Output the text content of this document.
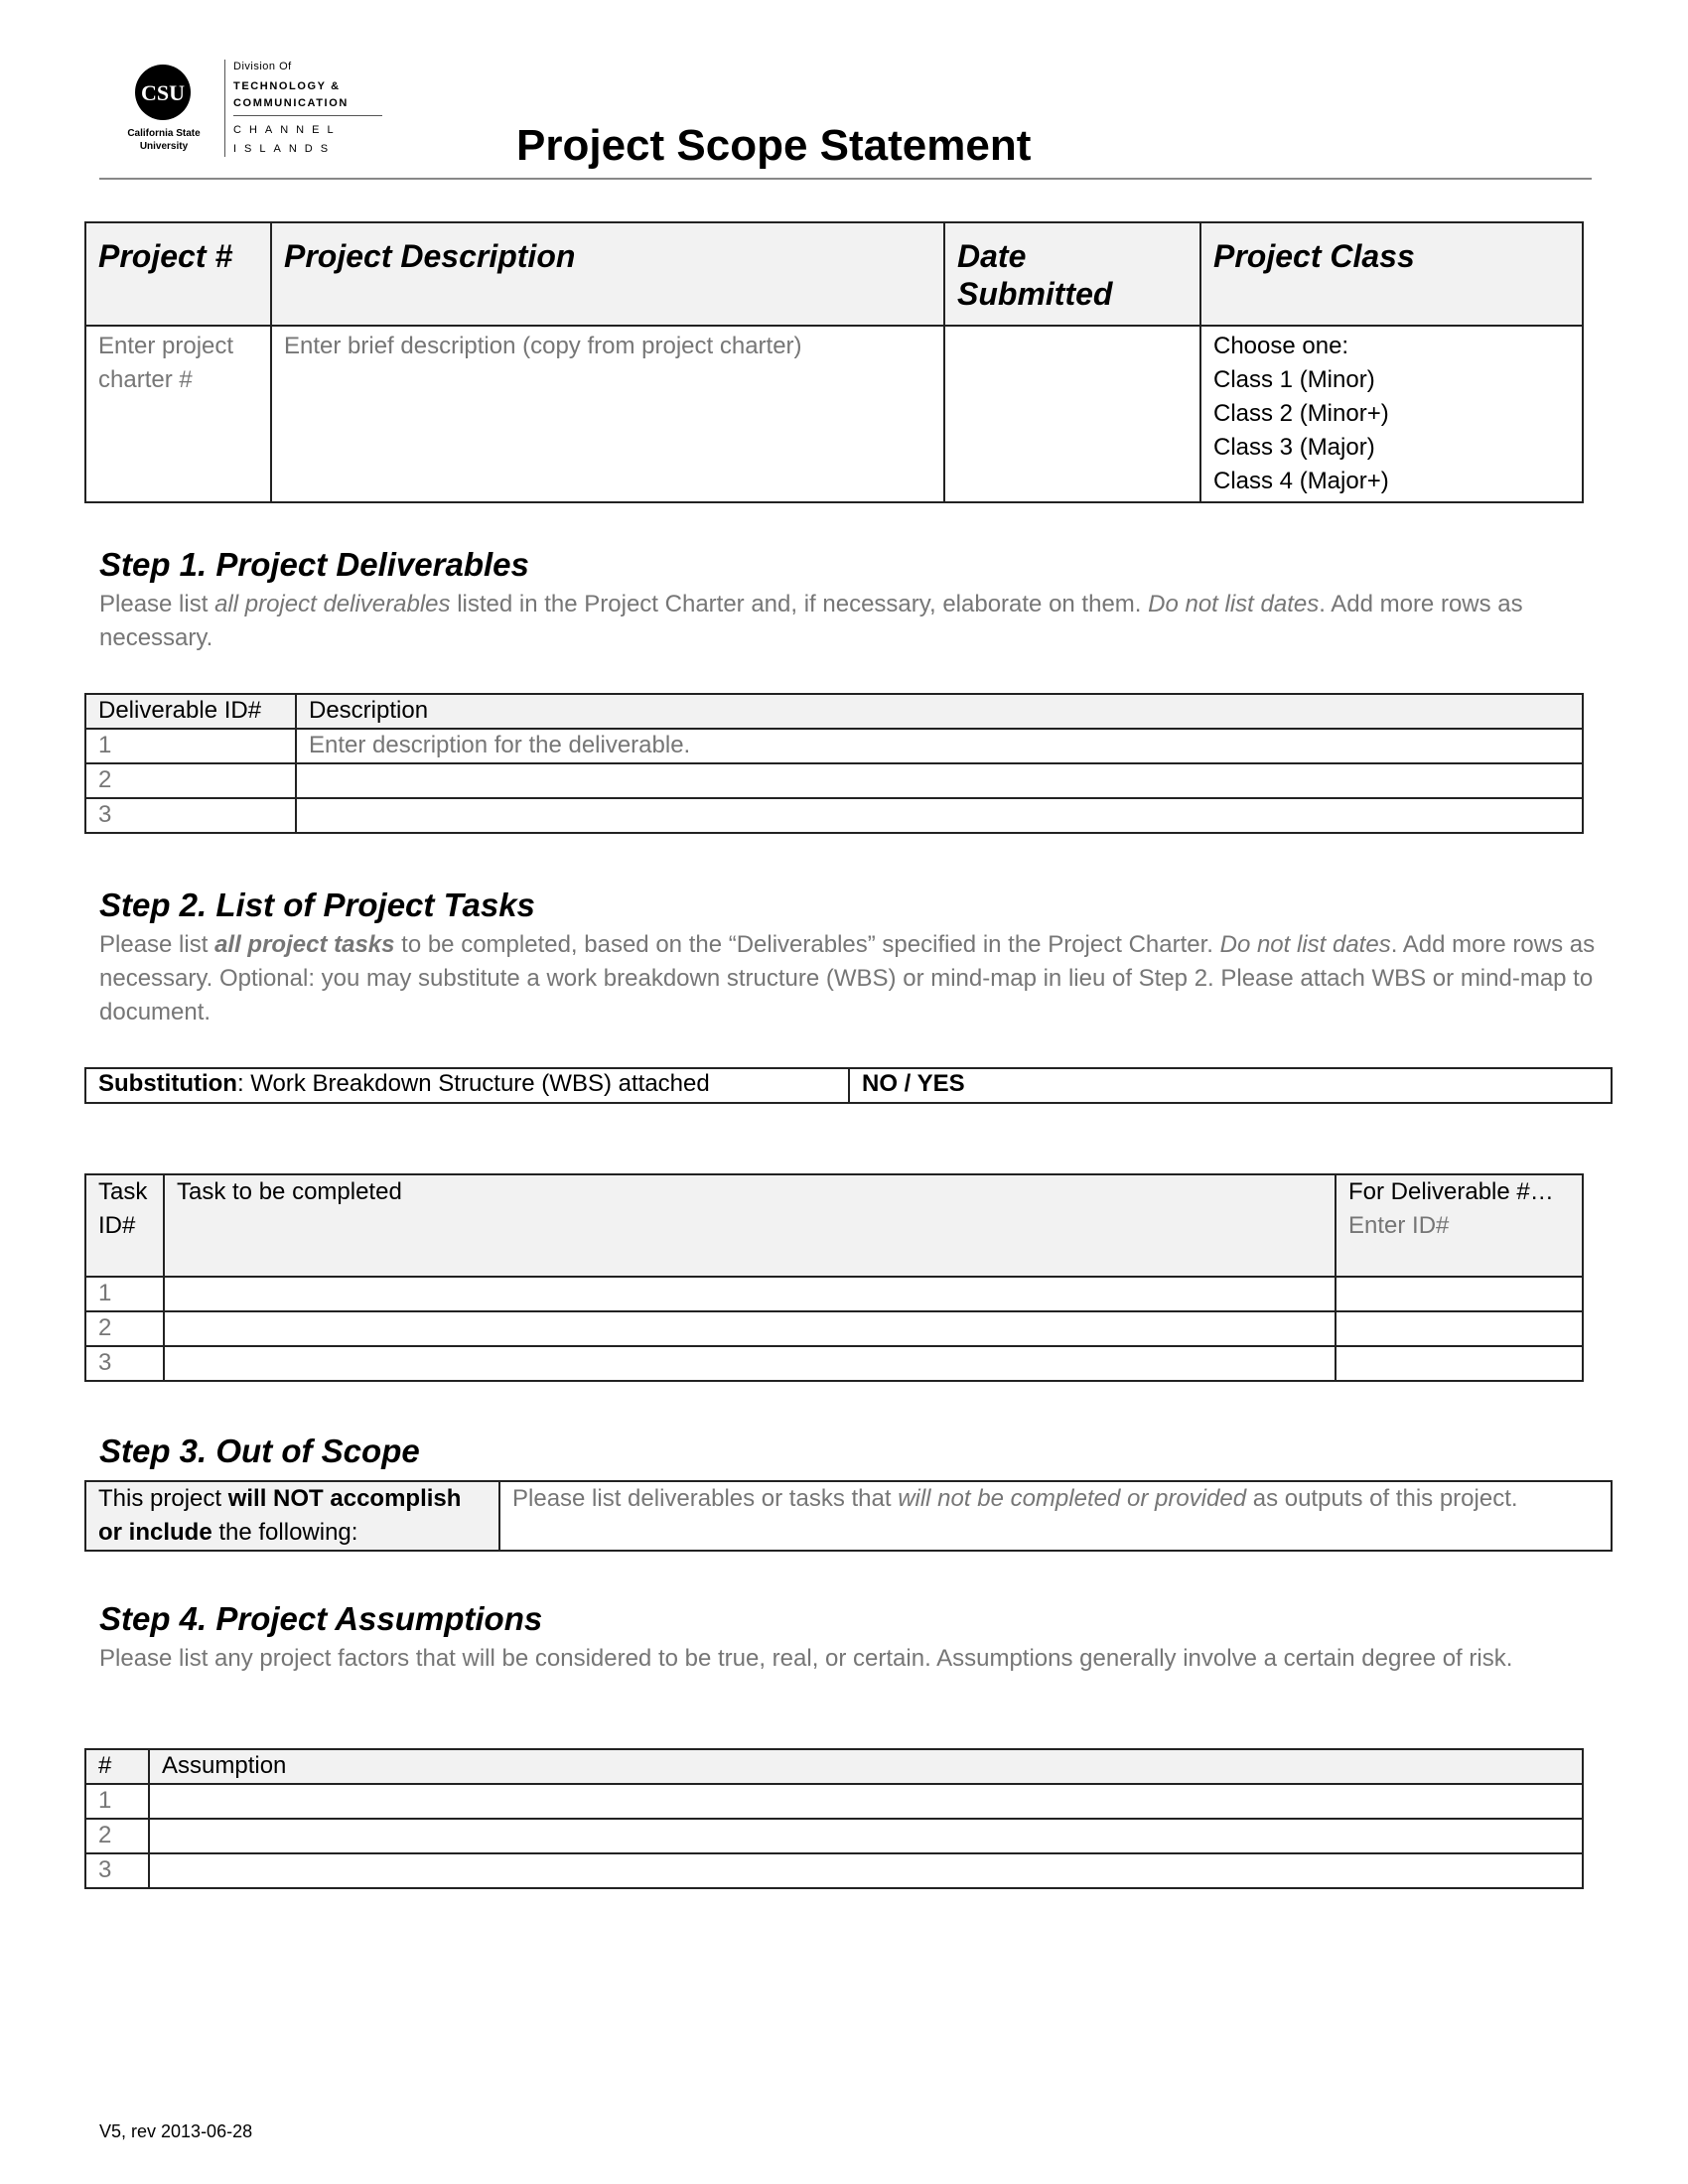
CSU
California State University
Division Of
TECHNOLOGY & COMMUNICATION
CHANNEL ISLANDS	Project Scope Statement
Project #	Project Description	Date Submitted	Project Class
Enter project charter #	Enter brief description (copy from project charter)		Choose one:
Class 1 (Minor)
Class 2 (Minor+)
Class 3 (Major)
Class 4 (Major+)
Step 1. Project Deliverables
Please list all project deliverables listed in the Project Charter and, if necessary, elaborate on them. Do not list dates. Add more rows as necessary.
Deliverable ID#	Description
1	Enter description for the deliverable.
2	
3	
Step 2. List of Project Tasks
Please list all project tasks to be completed, based on the “Deliverables” specified in the Project Charter. Do not list dates. Add more rows as necessary. Optional: you may substitute a work breakdown structure (WBS) or mind-map in lieu of Step 2. Please attach WBS or mind-map to document.
Substitution: Work Breakdown Structure (WBS) attached	NO / YES
Task ID#	Task to be completed	For Deliverable #…
Enter ID#

1		
2		
3		
Step 3. Out of Scope
This project will NOT accomplish or include the following:	Please list deliverables or tasks that will not be completed or provided as outputs of this project.
Step 4. Project Assumptions
Please list any project factors that will be considered to be true, real, or certain. Assumptions generally involve a certain degree of risk.
#	Assumption
1	
2	
3	
V5, rev 2013-06-28
